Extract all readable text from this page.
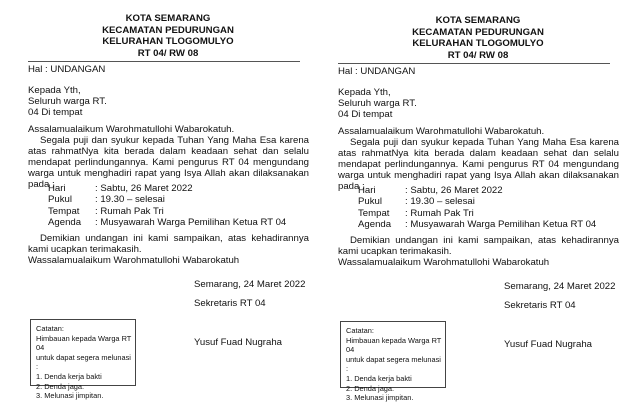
KOTA SEMARANG
KECAMATAN PEDURUNGAN
KELURAHAN TLOGOMULYO
RT 04/ RW 08
Hal : UNDANGAN
Kepada Yth,
Seluruh warga RT.
04 Di tempat
Assalamualaikum Warohmatullohi Wabarokatuh.
Segala puji dan syukur kepada Tuhan Yang Maha Esa karena atas rahmatNya kita berada dalam keadaan sehat dan selalu mendapat perlindungannya. Kami pengurus RT 04 mengundang warga untuk menghadiri rapat yang Isya Allah akan dilaksanakan pada :
Hari	: Sabtu, 26 Maret 2022
Pukul : 19.30 – selesai
Tempat : Rumah Pak Tri
Agenda : Musyawarah Warga Pemilihan Ketua RT 04
Demikian undangan ini kami sampaikan, atas kehadirannya kami ucapkan terimakasih.
Wassalamualaikum Warohmatullohi Wabarokatuh
Semarang, 24 Maret 2022
Sekretaris RT 04
Yusuf Fuad Nugraha
Catatan:
Himbauan kepada Warga RT 04
untuk dapat segera melunasi :
1. Denda kerja bakti
2. Denda jaga.
3. Melunasi jimpitan.
KOTA SEMARANG
KECAMATAN PEDURUNGAN
KELURAHAN TLOGOMULYO
RT 04/ RW 08
Hal : UNDANGAN
Kepada Yth,
Seluruh warga RT.
04 Di tempat
Assalamualaikum Warohmatullohi Wabarokatuh.
Segala puji dan syukur kepada Tuhan Yang Maha Esa karena atas rahmatNya kita berada dalam keadaan sehat dan selalu mendapat perlindungannya. Kami pengurus RT 04 mengundang warga untuk menghadiri rapat yang Isya Allah akan dilaksanakan pada :
Hari	: Sabtu, 26 Maret 2022
Pukul : 19.30 – selesai
Tempat : Rumah Pak Tri
Agenda : Musyawarah Warga Pemilihan Ketua RT 04
Demikian undangan ini kami sampaikan, atas kehadirannya kami ucapkan terimakasih.
Wassalamualaikum Warohmatullohi Wabarokatuh
Semarang, 24 Maret 2022
Sekretaris RT 04
Yusuf Fuad Nugraha
Catatan:
Himbauan kepada Warga RT 04
untuk dapat segera melunasi :
1. Denda kerja bakti
2. Denda jaga.
3. Melunasi jimpitan.
